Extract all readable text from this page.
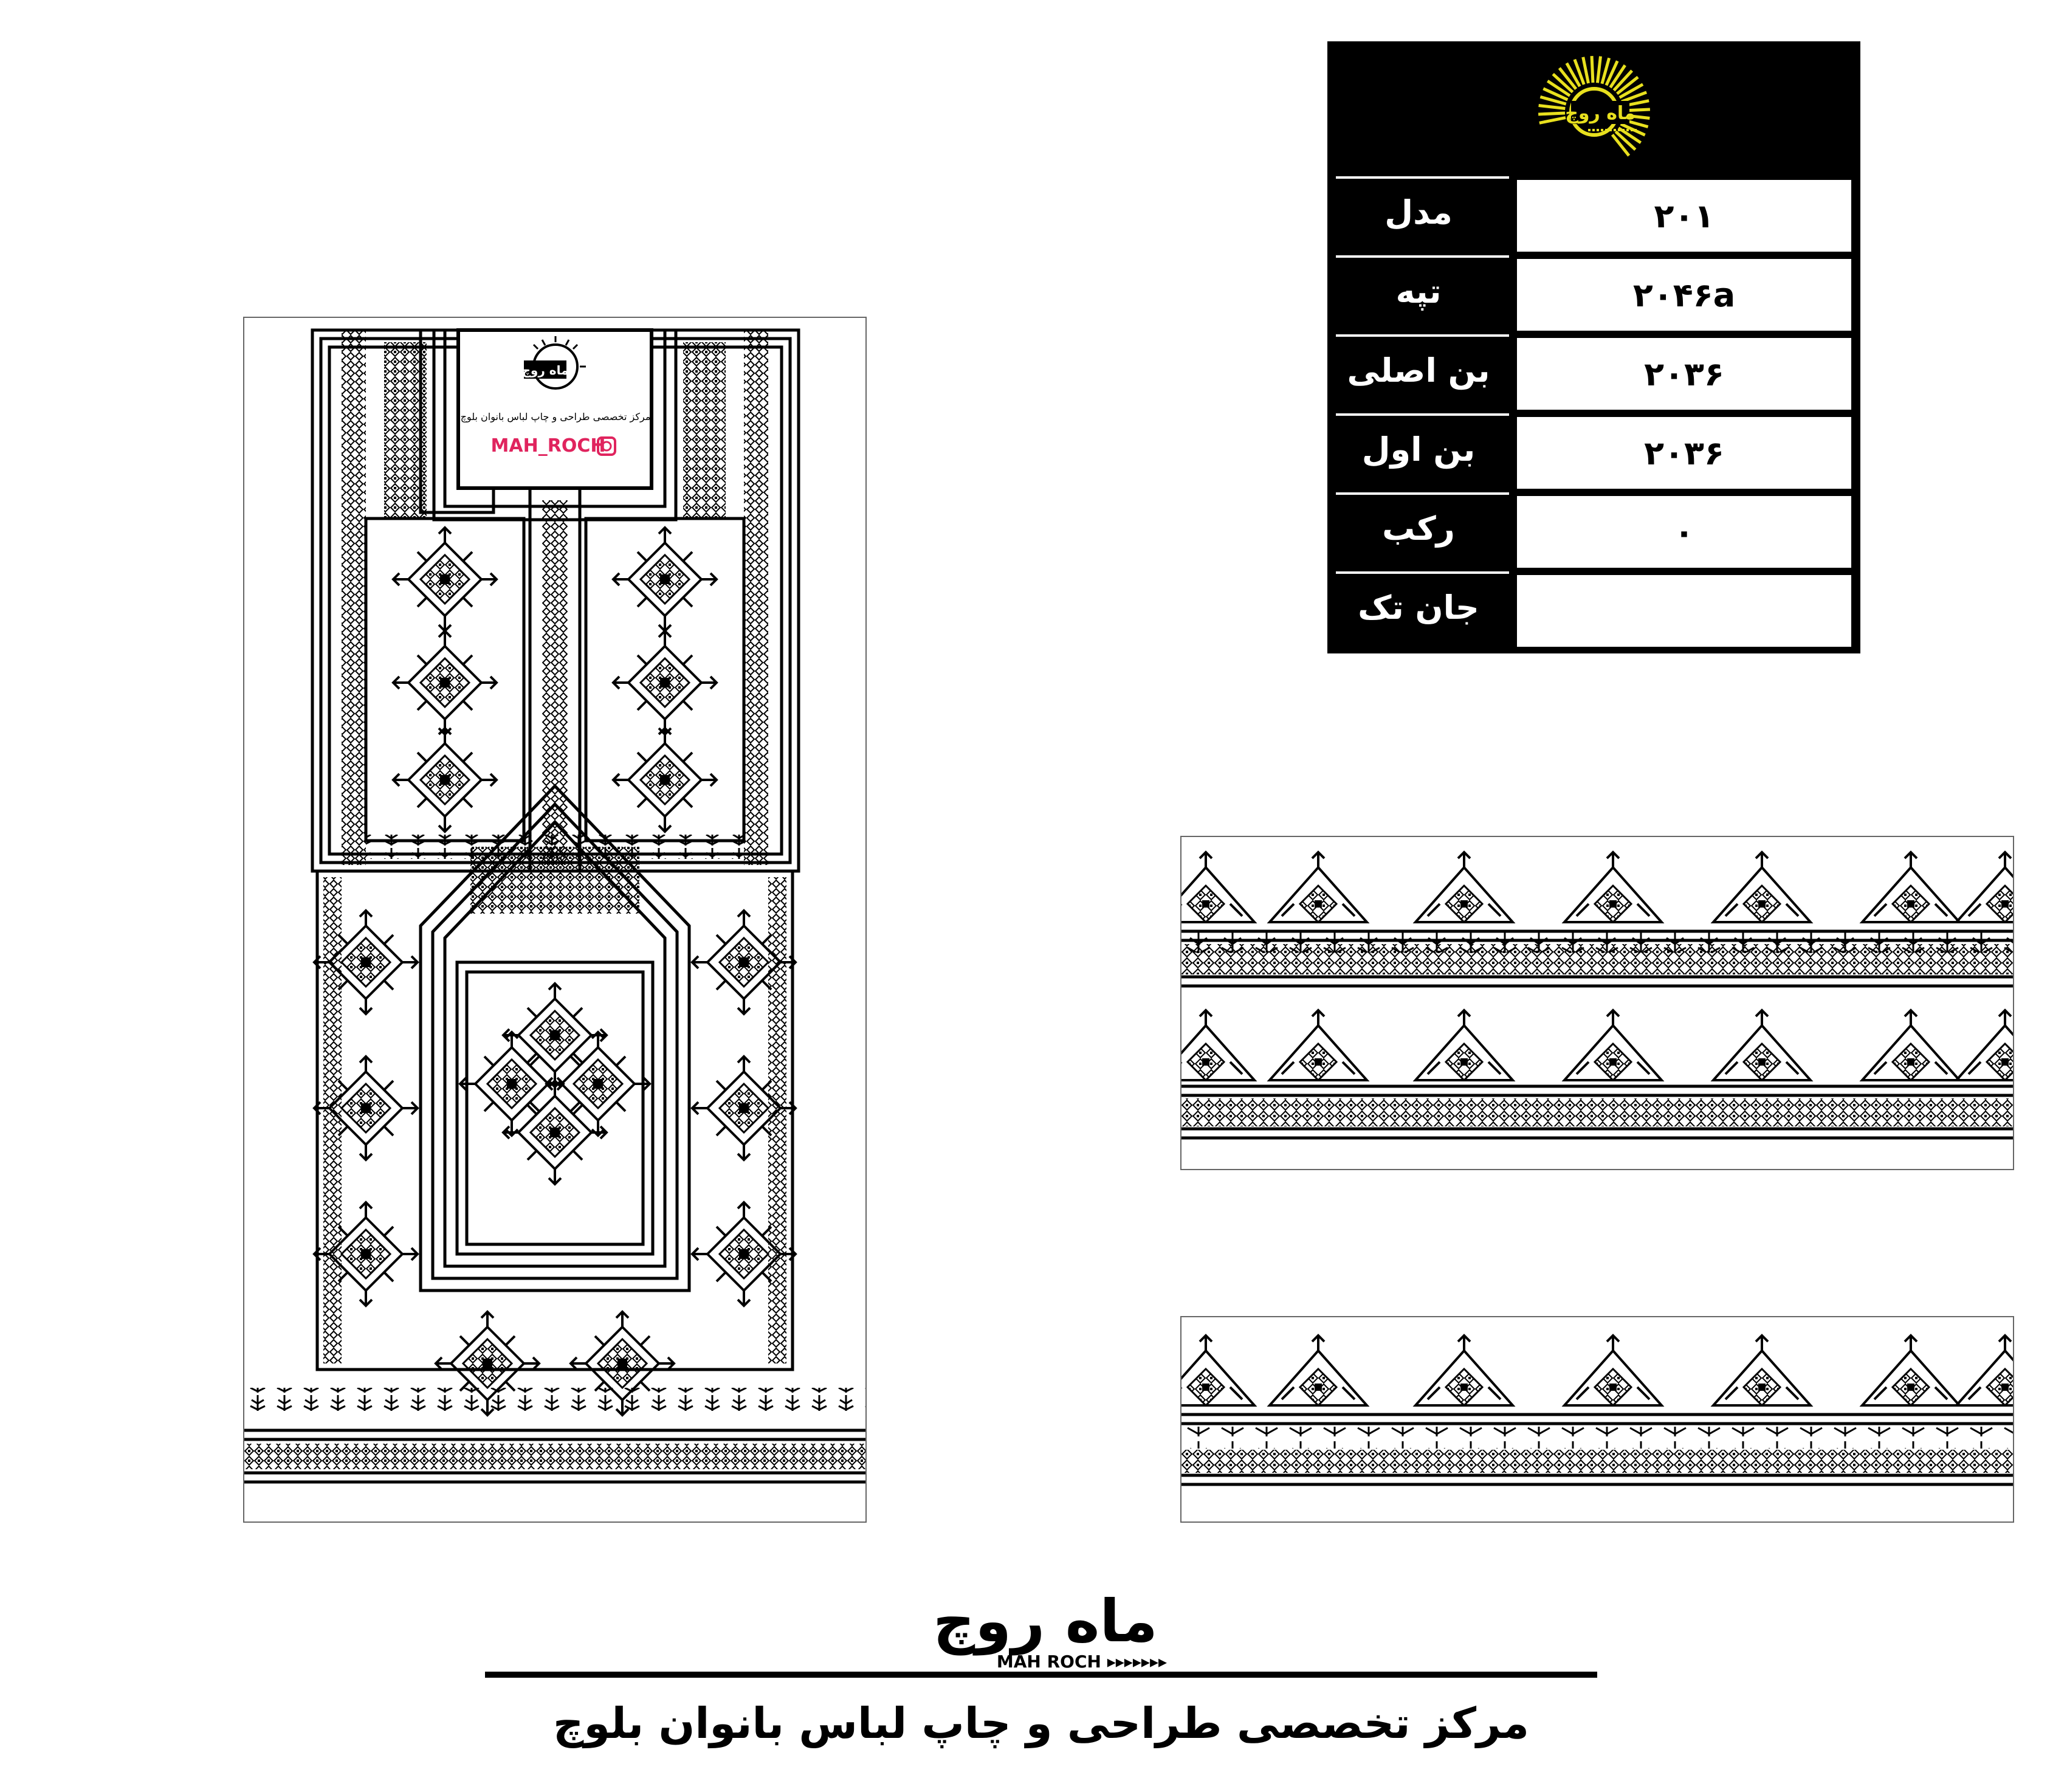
ماه روچ
مدل	۲۰۱
تپه	۲۰۴۶a
بن اصلی	۲۰۳۶
بن اول	۲۰۳۶
رکب	۰
جان تک
ماه روچ
مرکز تخصصی طراحی و چاپ لباس بانوان بلوچ
MAH_ROCH
ماه روچ
MAH ROCH ▸▸▸▸▸▸▸
مرکز تخصصی طراحی و چاپ لباس بانوان بلوچ
